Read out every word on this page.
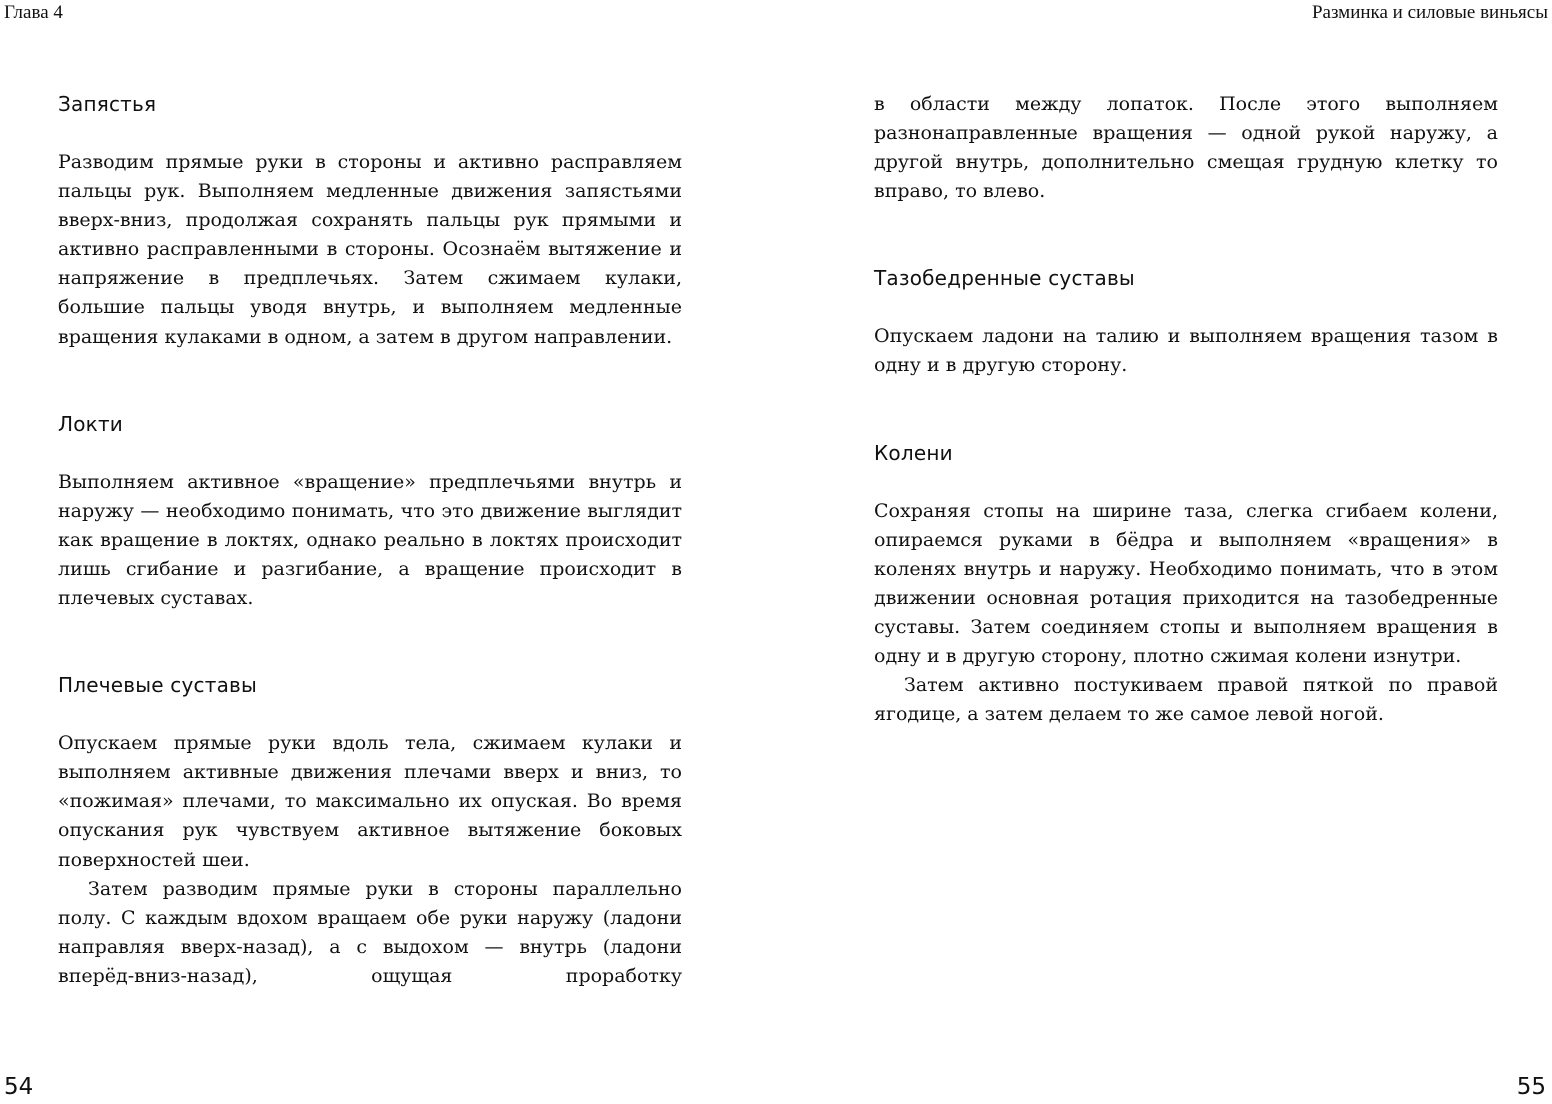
Глава 4	Разминка и силовые виньясы
Запястья

Разводим прямые руки в стороны и активно расправляем пальцы рук. Выполняем медленные движения запястьями вверх-вниз, продолжая сохранять пальцы рук прямыми и активно расправленными в стороны. Осознаём вытяжение и напряжение в предплечьях. Затем сжимаем кулаки, большие пальцы уводя внутрь, и выполняем медленные вращения кулаками в одном, а затем в другом направлении.

Локти

Выполняем активное «вращение» предплечьями внутрь и наружу — необходимо понимать, что это движение выглядит как вращение в локтях, однако реально в локтях происходит лишь сгибание и разгибание, а вращение происходит в плечевых суставах.

Плечевые суставы

Опускаем прямые руки вдоль тела, сжимаем кулаки и выполняем активные движения плечами вверх и вниз, то «пожимая» плечами, то максимально их опуская. Во время опускания рук чувствуем активное вытяжение боковых поверхностей шеи.

Затем разводим прямые руки в стороны параллельно полу. С каждым вдохом вращаем обе руки наружу (ладони направляя вверх-назад), а с выдохом — внутрь (ладони вперёд-вниз-назад), ощущая проработку

в области между лопаток. После этого выполняем разнонаправленные вращения — одной рукой наружу, а другой внутрь, дополнительно смещая грудную клетку то вправо, то влево.

Тазобедренные суставы

Опускаем ладони на талию и выполняем вращения тазом в одну и в другую сторону.

Колени

Сохраняя стопы на ширине таза, слегка сгибаем колени, опираемся руками в бёдра и выполняем «вращения» в коленях внутрь и наружу. Необходимо понимать, что в этом движении основная ротация приходится на тазобедренные суставы. Затем соединяем стопы и выполняем вращения в одну и в другую сторону, плотно сжимая колени изнутри.

Затем активно постукиваем правой пяткой по правой ягодице, а затем делаем то же самое левой ногой.

54	55
